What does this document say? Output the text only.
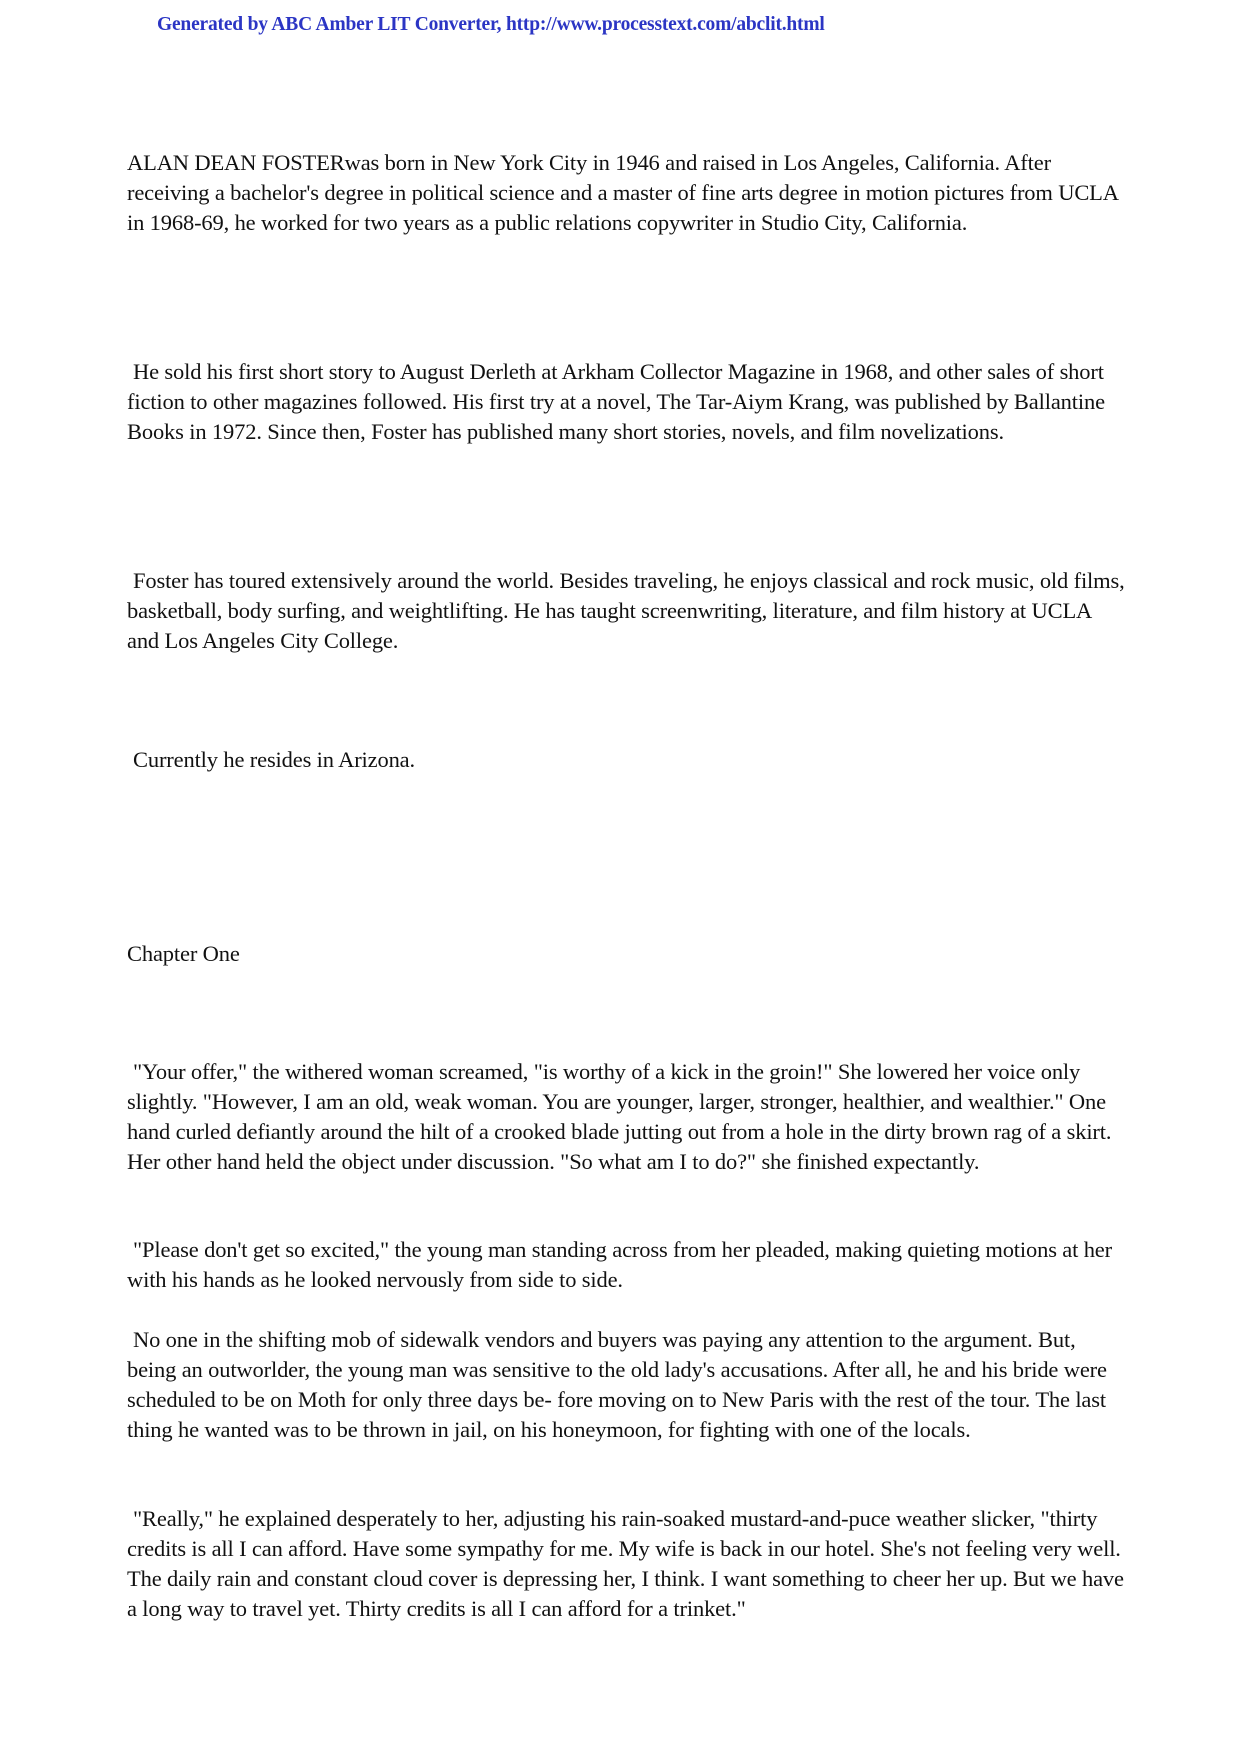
Generated by ABC Amber LIT Converter, http://www.processtext.com/abclit.html

ALAN DEAN FOSTERwas born in New York City in 1946 and raised in Los Angeles, California. After receiving a bachelor's degree in political science and a master of fine arts degree in motion pictures from UCLA in 1968-69, he worked for two years as a public relations copywriter in Studio City, California.

He sold his first short story to August Derleth at Arkham Collector Magazine in 1968, and other sales of short fiction to other magazines followed. His first try at a novel, The Tar-Aiym Krang, was published by Ballantine Books in 1972. Since then, Foster has published many short stories, novels, and film novelizations.

Foster has toured extensively around the world. Besides traveling, he enjoys classical and rock music, old films, basketball, body surfing, and weightlifting. He has taught screenwriting, literature, and film history at UCLA and Los Angeles City College.

Currently he resides in Arizona.

Chapter One

"Your offer," the withered woman screamed, "is worthy of a kick in the groin!" She lowered her voice only slightly. "However, I am an old, weak woman. You are younger, larger, stronger, healthier, and wealthier." One hand curled defiantly around the hilt of a crooked blade jutting out from a hole in the dirty brown rag of a skirt. Her other hand held the object under discussion. "So what am I to do?" she finished expectantly.

"Please don't get so excited," the young man standing across from her pleaded, making quieting motions at her with his hands as he looked nervously from side to side.

No one in the shifting mob of sidewalk vendors and buyers was paying any attention to the argument. But, being an outworlder, the young man was sensitive to the old lady's accusations. After all, he and his bride were scheduled to be on Moth for only three days be- fore moving on to New Paris with the rest of the tour. The last thing he wanted was to be thrown in jail, on his honeymoon, for fighting with one of the locals.

"Really," he explained desperately to her, adjusting his rain-soaked mustard-and-puce weather slicker, "thirty credits is all I can afford. Have some sympathy for me. My wife is back in our hotel. She's not feeling very well. The daily rain and constant cloud cover is depressing her, I think. I want something to cheer her up. But we have a long way to travel yet. Thirty credits is all I can afford for a trinket."
